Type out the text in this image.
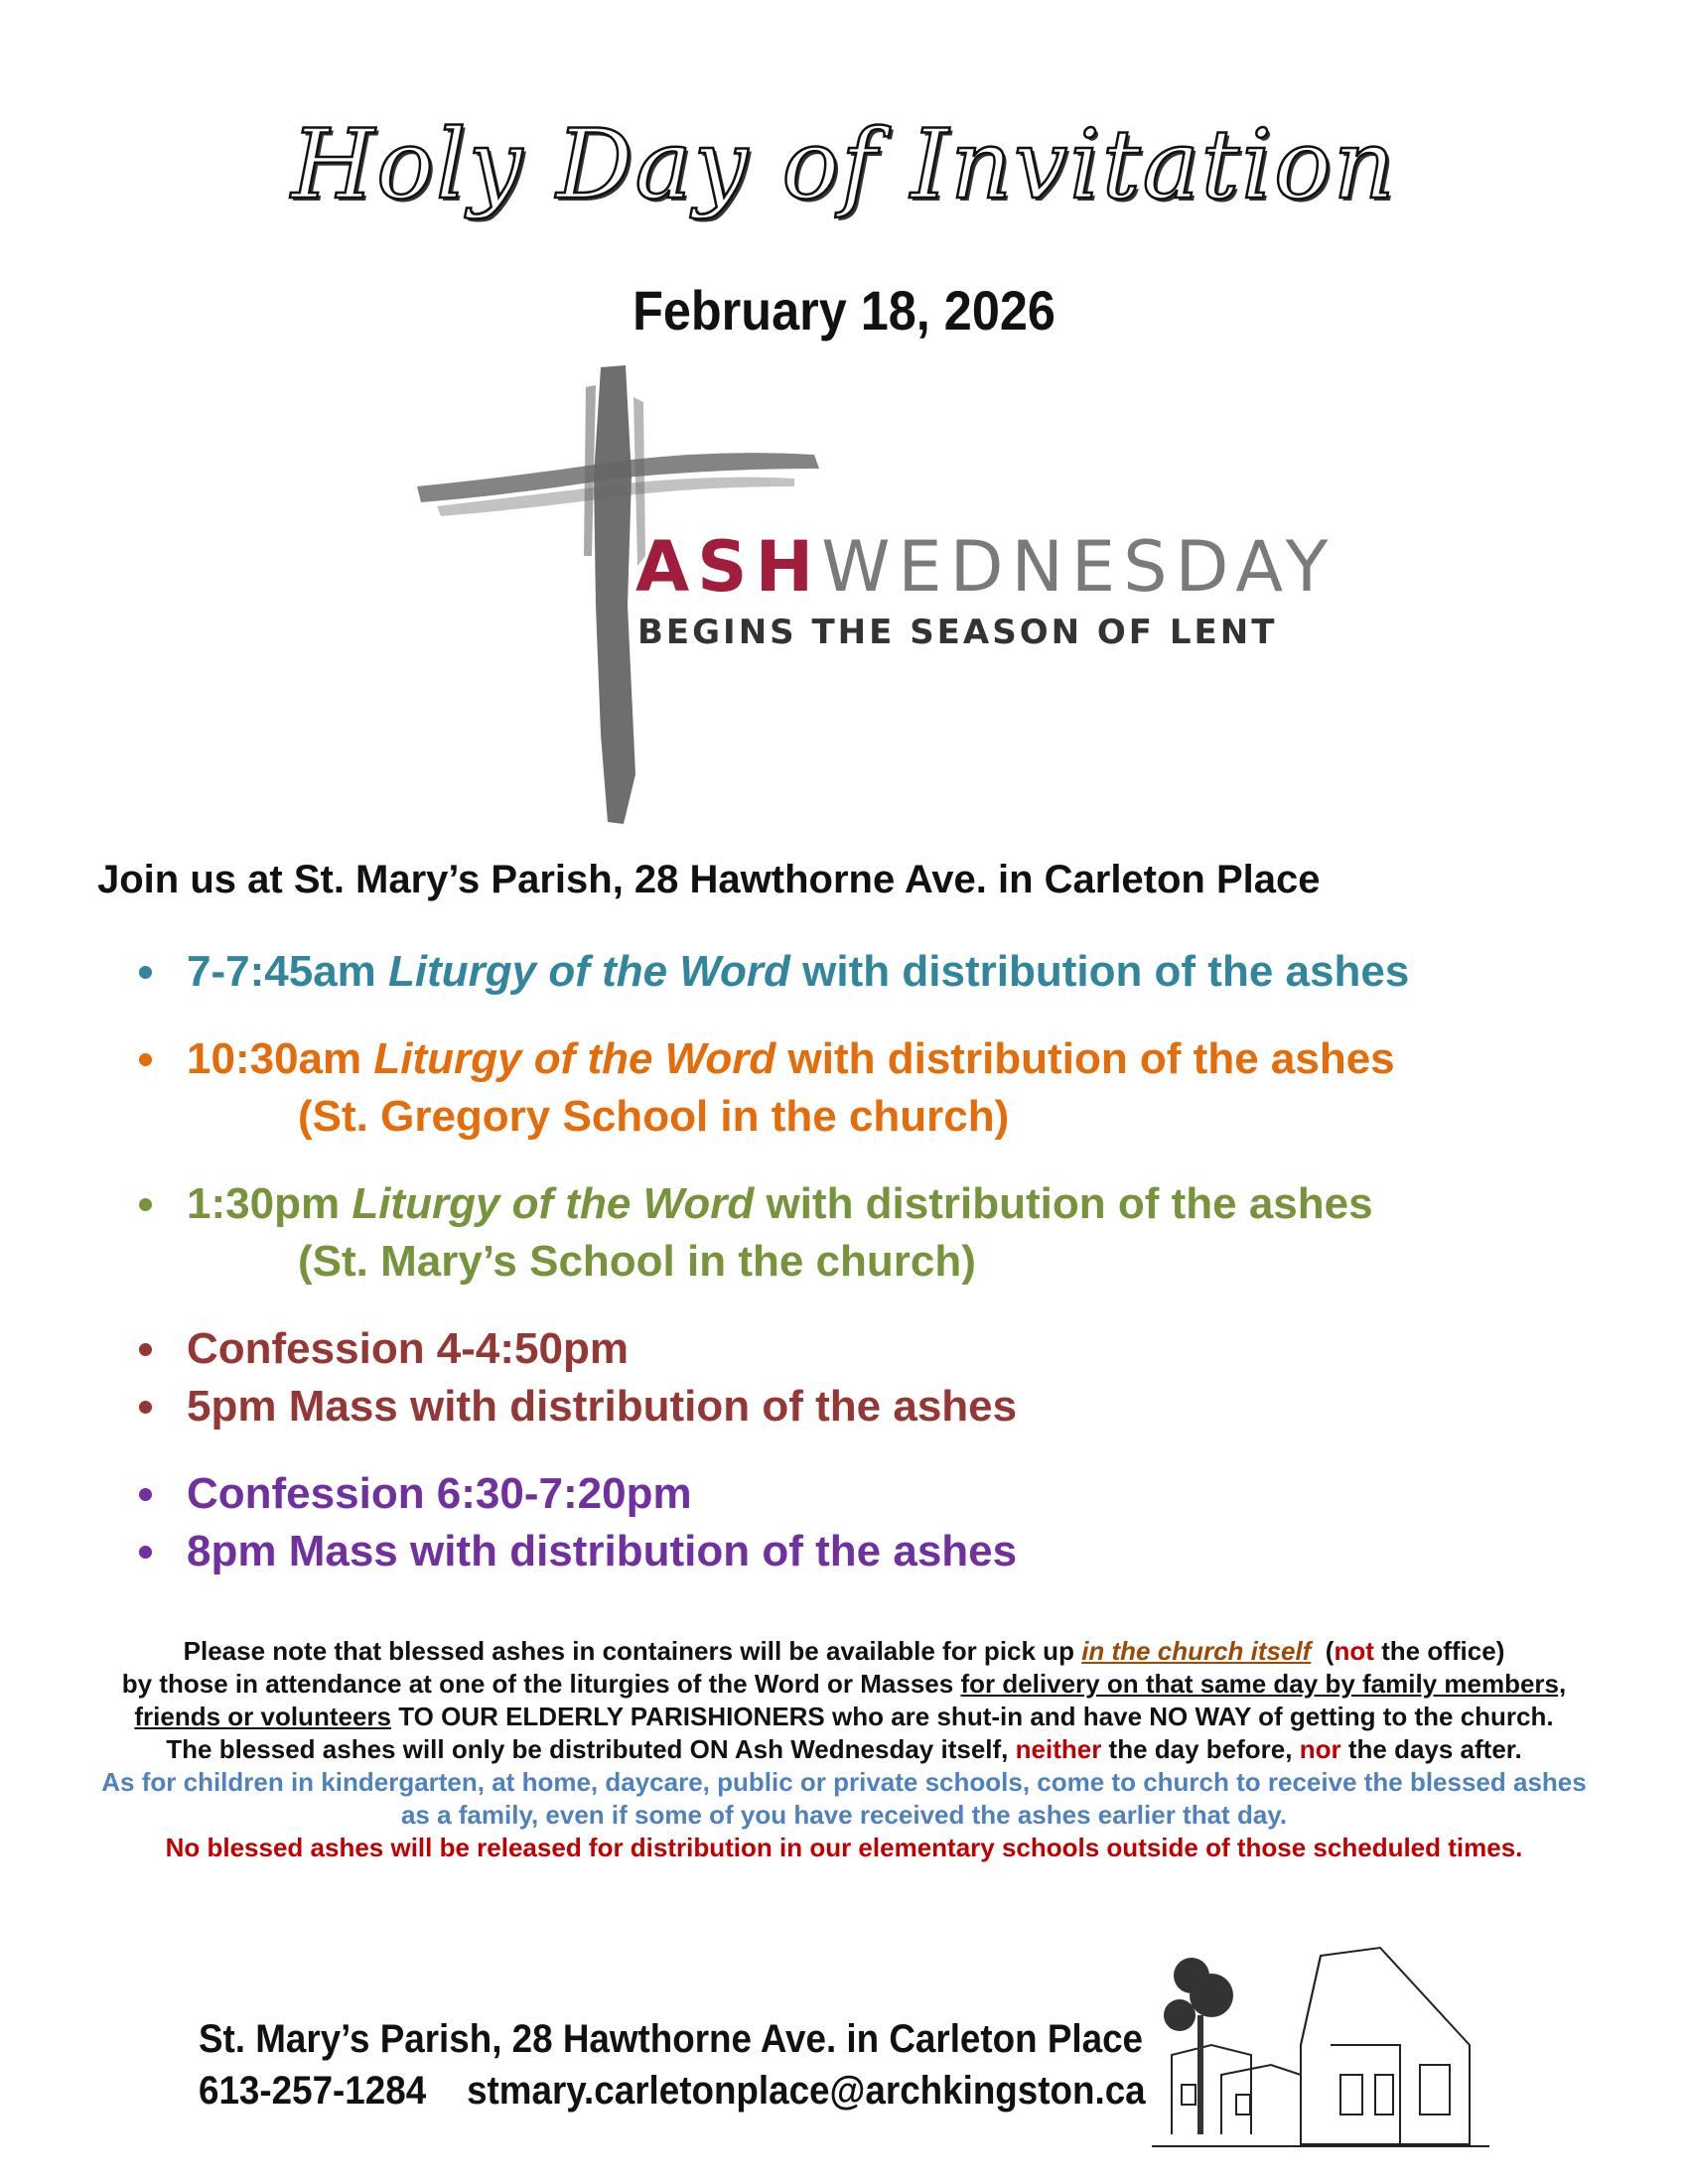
Holy Day of Invitation
February 18, 2026
ASHWEDNESDAY
BEGINS THE SEASON OF LENT
Join us at St. Mary’s Parish, 28 Hawthorne Ave. in Carleton Place
7-7:45am Liturgy of the Word with distribution of the ashes
10:30am Liturgy of the Word with distribution of the ashes
(St. Gregory School in the church)
1:30pm Liturgy of the Word with distribution of the ashes
(St. Mary’s School in the church)
Confession 4-4:50pm
5pm Mass with distribution of the ashes
Confession 6:30-7:20pm
8pm Mass with distribution of the ashes
Please note that blessed ashes in containers will be available for pick up in the church itself (not the office)
by those in attendance at one of the liturgies of the Word or Masses for delivery on that same day by family members,
friends or volunteers TO OUR ELDERLY PARISHIONERS who are shut-in and have NO WAY of getting to the church.
The blessed ashes will only be distributed ON Ash Wednesday itself, neither the day before, nor the days after.
As for children in kindergarten, at home, daycare, public or private schools, come to church to receive the blessed ashes
as a family, even if some of you have received the ashes earlier that day.
No blessed ashes will be released for distribution in our elementary schools outside of those scheduled times.
St. Mary’s Parish, 28 Hawthorne Ave. in Carleton Place
613-257-1284 stmary.carletonplace@archkingston.ca
